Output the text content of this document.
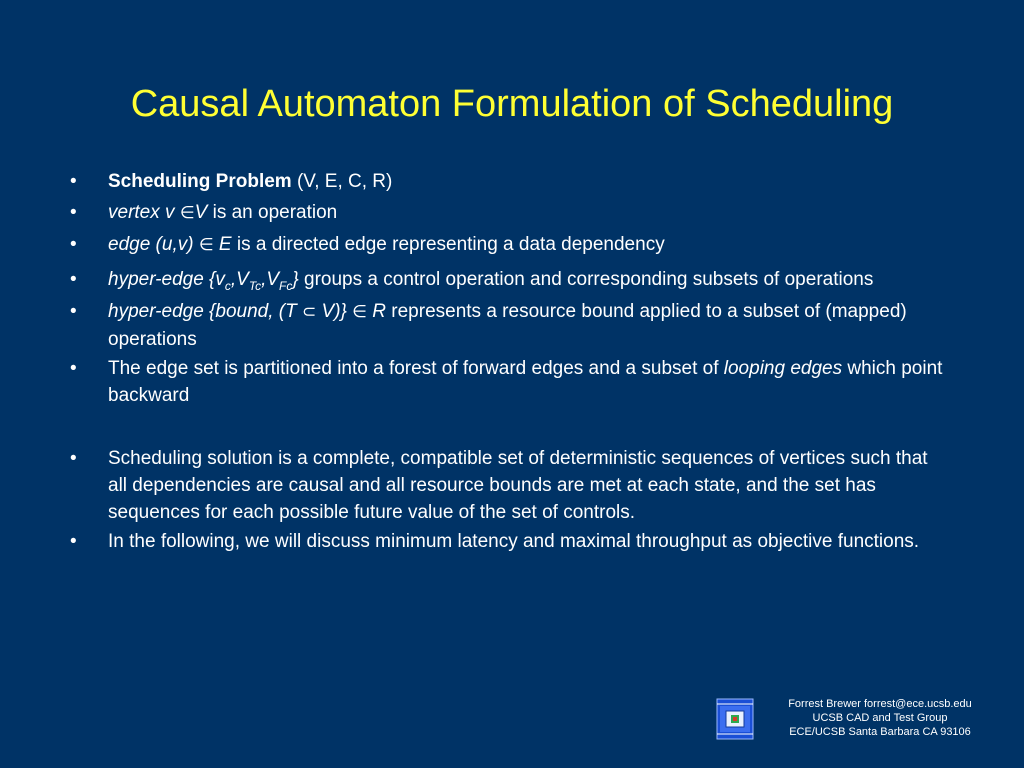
Causal Automaton Formulation of Scheduling
• Scheduling Problem (V, E, C, R)
• vertex v ∈V is an operation
• edge (u,v) ∈ E is a directed edge representing a data dependency
• hyper-edge $\{v_c,V_{Tc},V_{Fc}\}$ groups a control operation and corresponding subsets of operations
• hyper-edge {bound, (T ⊂ V)} ∈ R represents a resource bound applied to a subset of (mapped) operations
• The edge set is partitioned into a forest of forward edges and a subset of looping edges which point backward
• Scheduling solution is a complete, compatible set of deterministic sequences of vertices such that all dependencies are causal and all resource bounds are met at each state, and the set has sequences for each possible future value of the set of controls.
• In the following, we will discuss minimum latency and maximal throughput as objective functions.
Forrest Brewer forrest@ece.ucsb.edu
UCSB CAD and Test Group
ECE/UCSB Santa Barbara CA 93106
